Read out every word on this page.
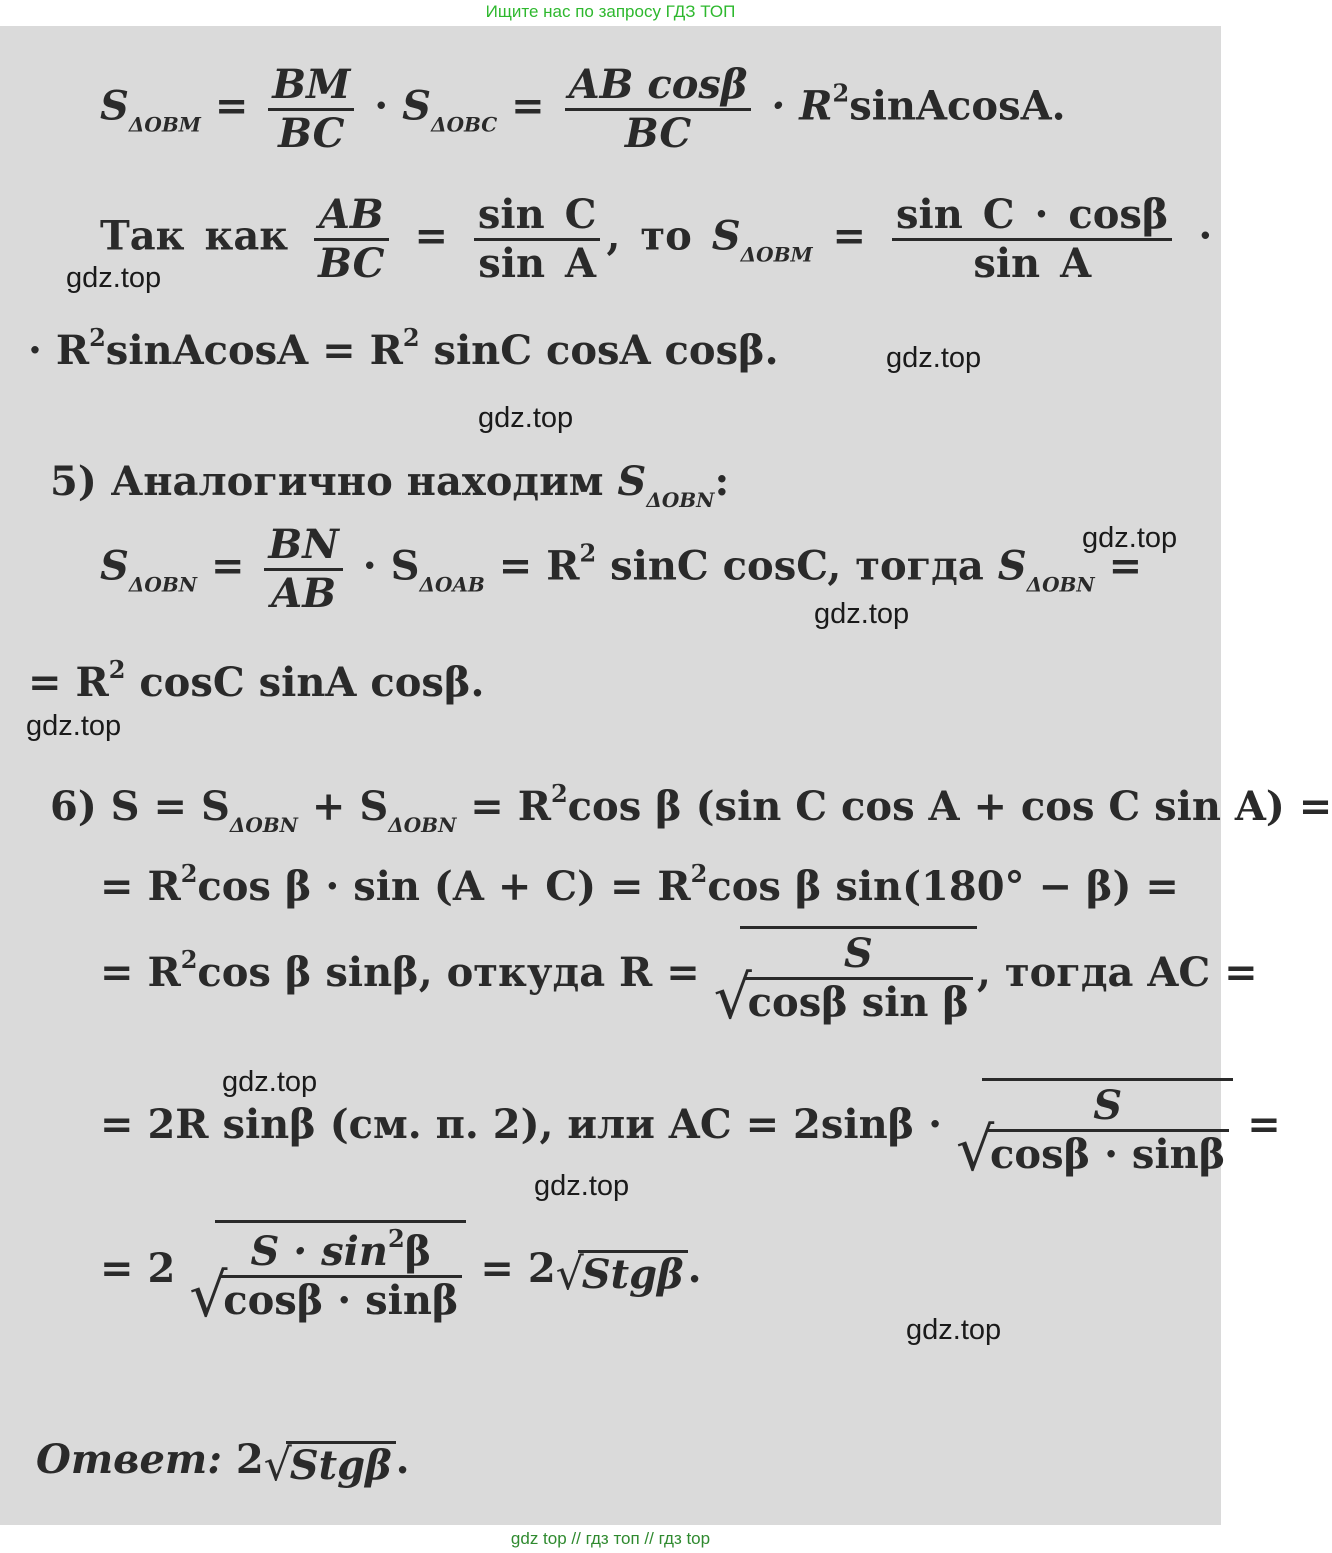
Ищите нас по запросу ГДЗ ТОП
$S_{\Delta OBM} = \frac{BM}{BC} \cdot S_{\Delta OBC} = \frac{\text{AB cosβ}}{BC}$ · $R^2sinAcosA$.
Так как $\frac{AB}{BC} = \frac{\text{sin C}}{\text{sin A}}$ , то $S_{\Delta OBM} = \frac{\text{sin C · cosβ}}{\text{sin A}}$ ·
· $R^2sinAcosA = R^2$ sinC cosA cosβ.
5) Аналогично находим $S_{\Delta OBN}$:
$S_{\Delta OBN} = \frac{BN}{AB} \cdot S_{\Delta OAB} = R^2$ sinC cosC, тогда $S_{\Delta OBN}$ =
= $R^2$ cosC sinA cosβ.
6) $S = S_{\Delta OBN} + S_{\Delta OBN} = R^2\cos$ β (sin C cos A + cos C sin A) =
= $R^2\cos$ $\beta \cdot \sin (A + C) = R^2\cos$ β sin(180° − β) =
= $R^2\cos$ β sinβ, откуда R = √
$\frac{S}{\text{cosβ sin β}}$ , тогда AC =
= 2R sinβ (см. п. 2), или AC = 2sinβ · √
$\frac{S}{\cos\beta \cdot \sin\beta}$ =
= 2 √
$\frac{S \cdot \sin^2\beta}{\cos\beta \cdot \sin\beta} = 2$ √
Stgβ .
Ответ: 2 √
Stgβ .
gdz.top
gdz.top
gdz.top
gdz.top
gdz.top
gdz.top
gdz.top
gdz.top
gdz.top
gdz top // гдз топ // гдз top
